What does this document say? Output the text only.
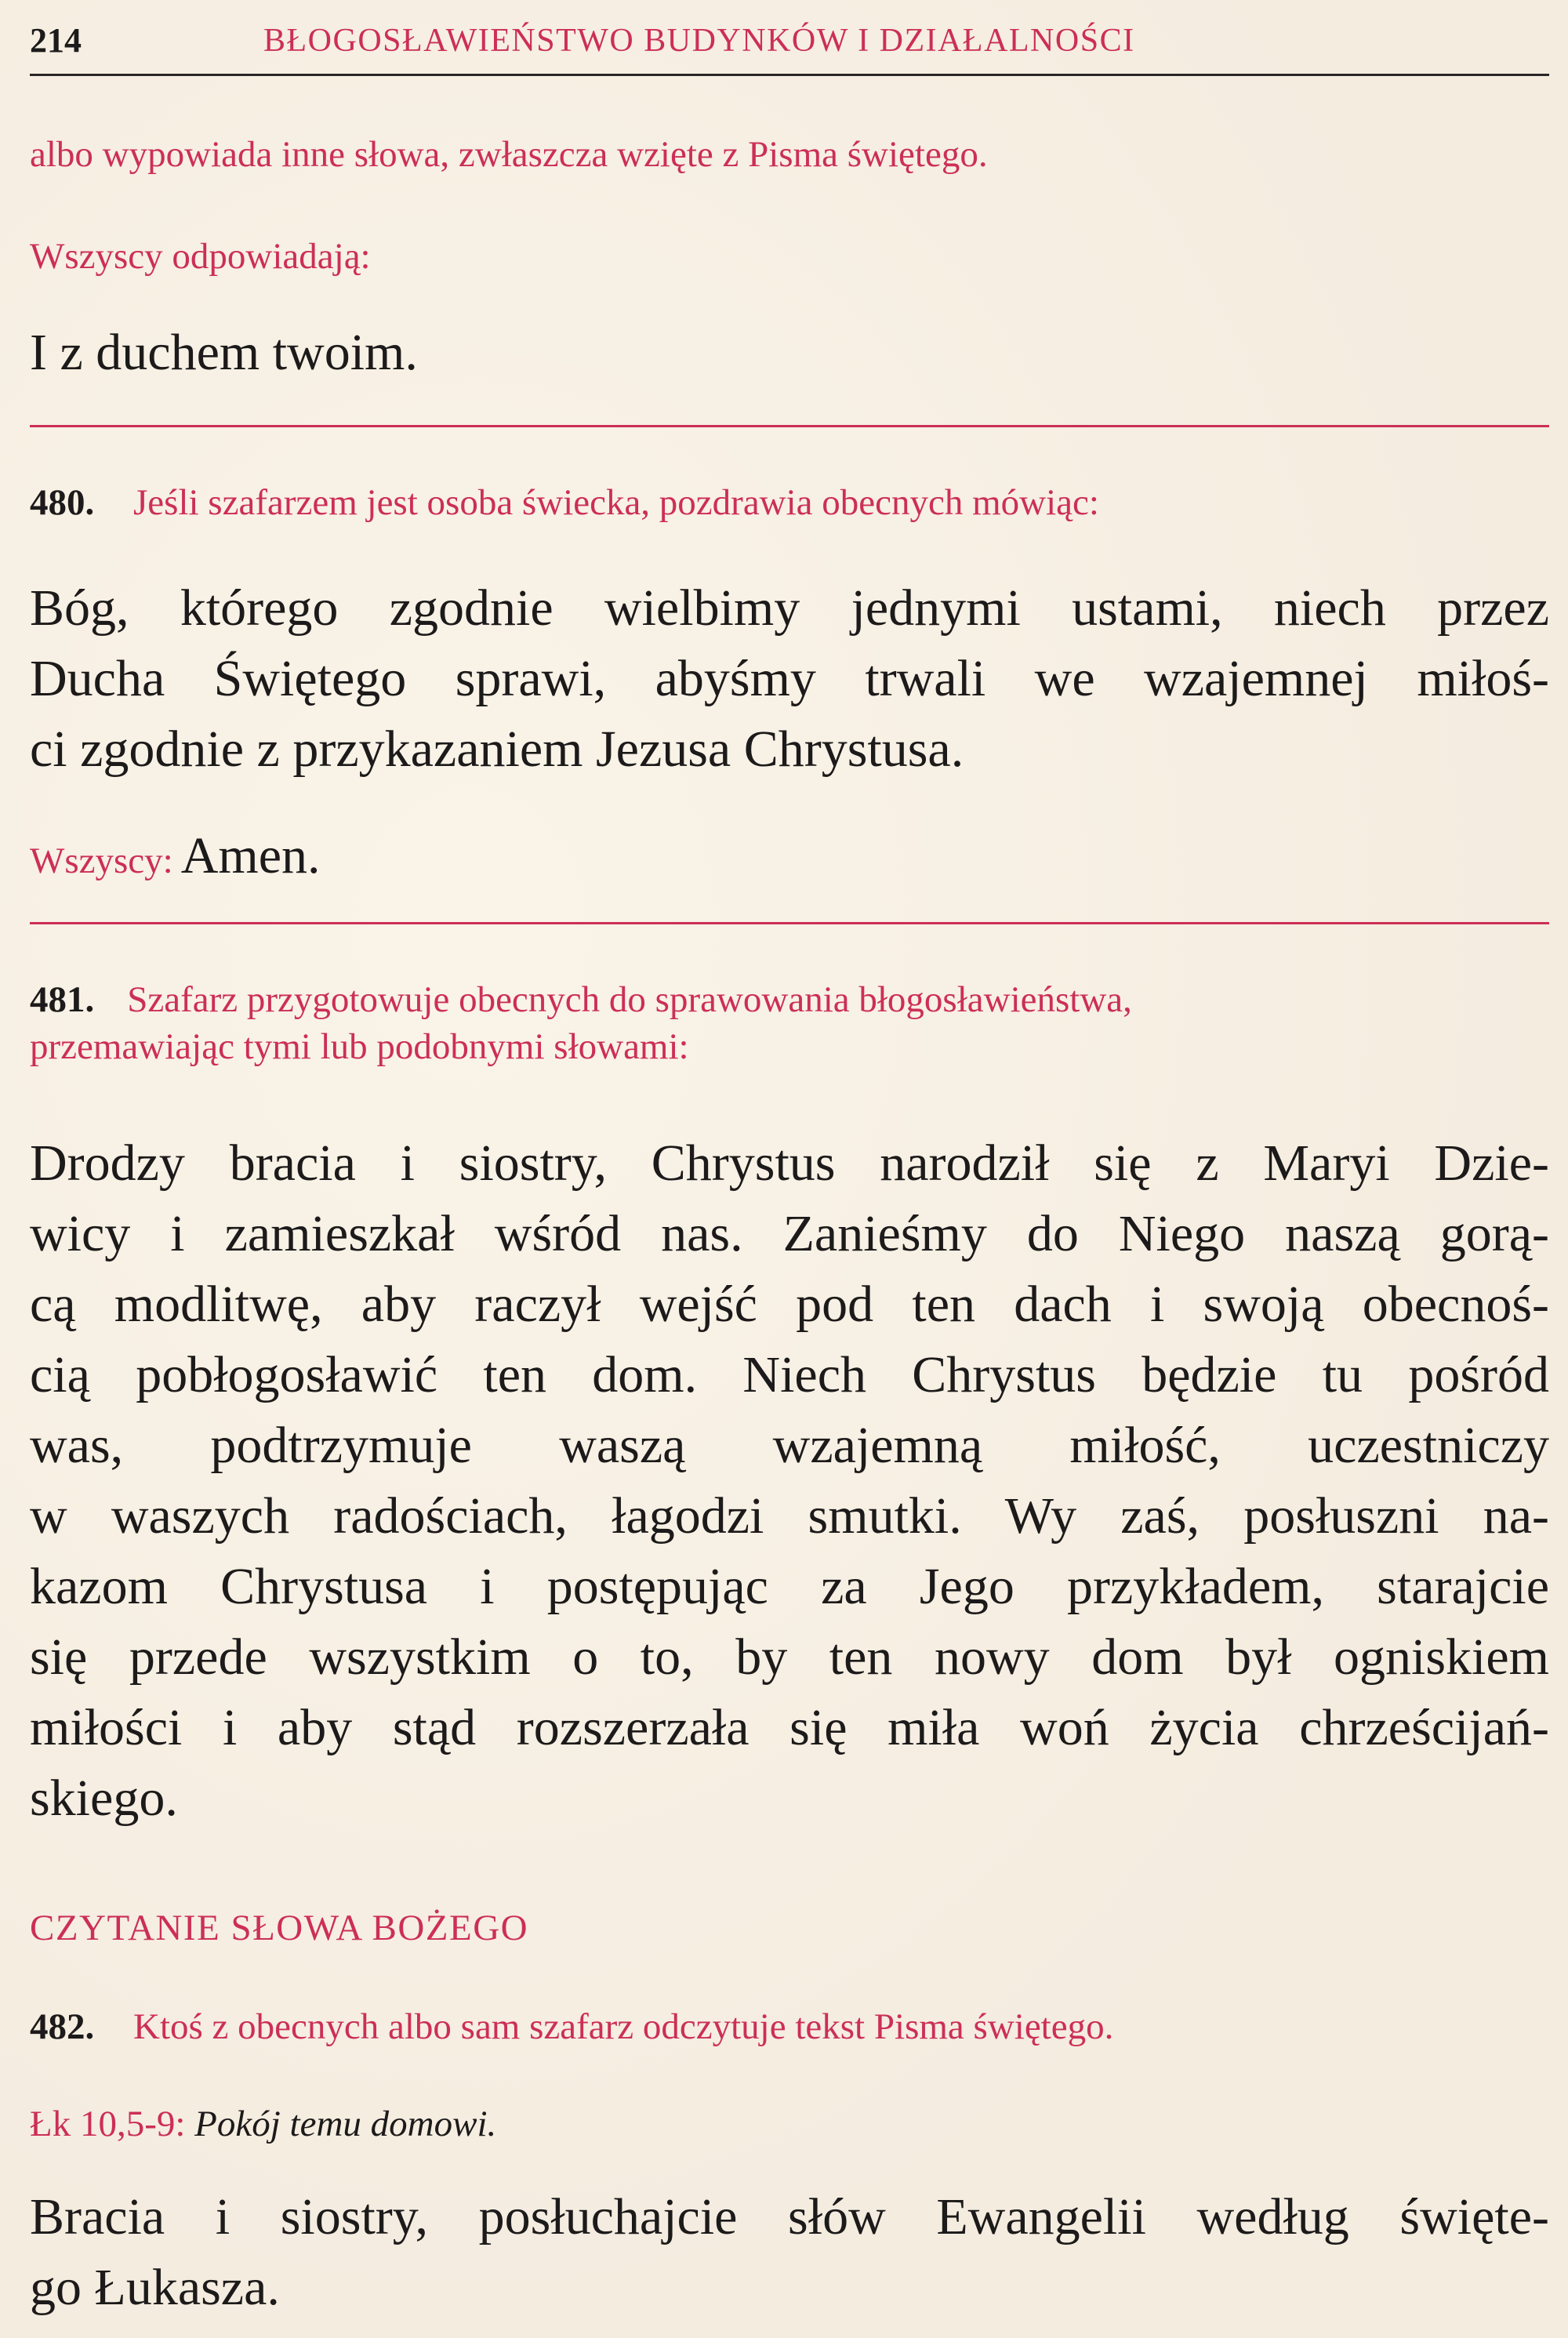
214	BŁOGOSŁAWIEŃSTWO BUDYNKÓW I DZIAŁALNOŚCI
albo wypowiada inne słowa, zwłaszcza wzięte z Pisma świętego.
Wszyscy odpowiadają:
I z duchem twoim.
480. Jeśli szafarzem jest osoba świecka, pozdrawia obecnych mówiąc:
Bóg, którego zgodnie wielbimy jednymi ustami, niech przez
Ducha Świętego sprawi, abyśmy trwali we wzajemnej miłoś-
ci zgodnie z przykazaniem Jezusa Chrystusa.
Wszyscy: Amen.
481. Szafarz przygotowuje obecnych do sprawowania błogosławieństwa,
przemawiając tymi lub podobnymi słowami:
Drodzy bracia i siostry, Chrystus narodził się z Maryi Dzie-
wicy i zamieszkał wśród nas. Zanieśmy do Niego naszą gorą-
cą modlitwę, aby raczył wejść pod ten dach i swoją obecnoś-
cią pobłogosławić ten dom. Niech Chrystus będzie tu pośród
was, podtrzymuje waszą wzajemną miłość, uczestniczy
w waszych radościach, łagodzi smutki. Wy zaś, posłuszni na-
kazom Chrystusa i postępując za Jego przykładem, starajcie
się przede wszystkim o to, by ten nowy dom był ogniskiem
miłości i aby stąd rozszerzała się miła woń życia chrześcijań-
skiego.
CZYTANIE SŁOWA BOŻEGO
482. Ktoś z obecnych albo sam szafarz odczytuje tekst Pisma świętego.
Łk 10,5-9: Pokój temu domowi.
Bracia i siostry, posłuchajcie słów Ewangelii według święte-
go Łukasza.
